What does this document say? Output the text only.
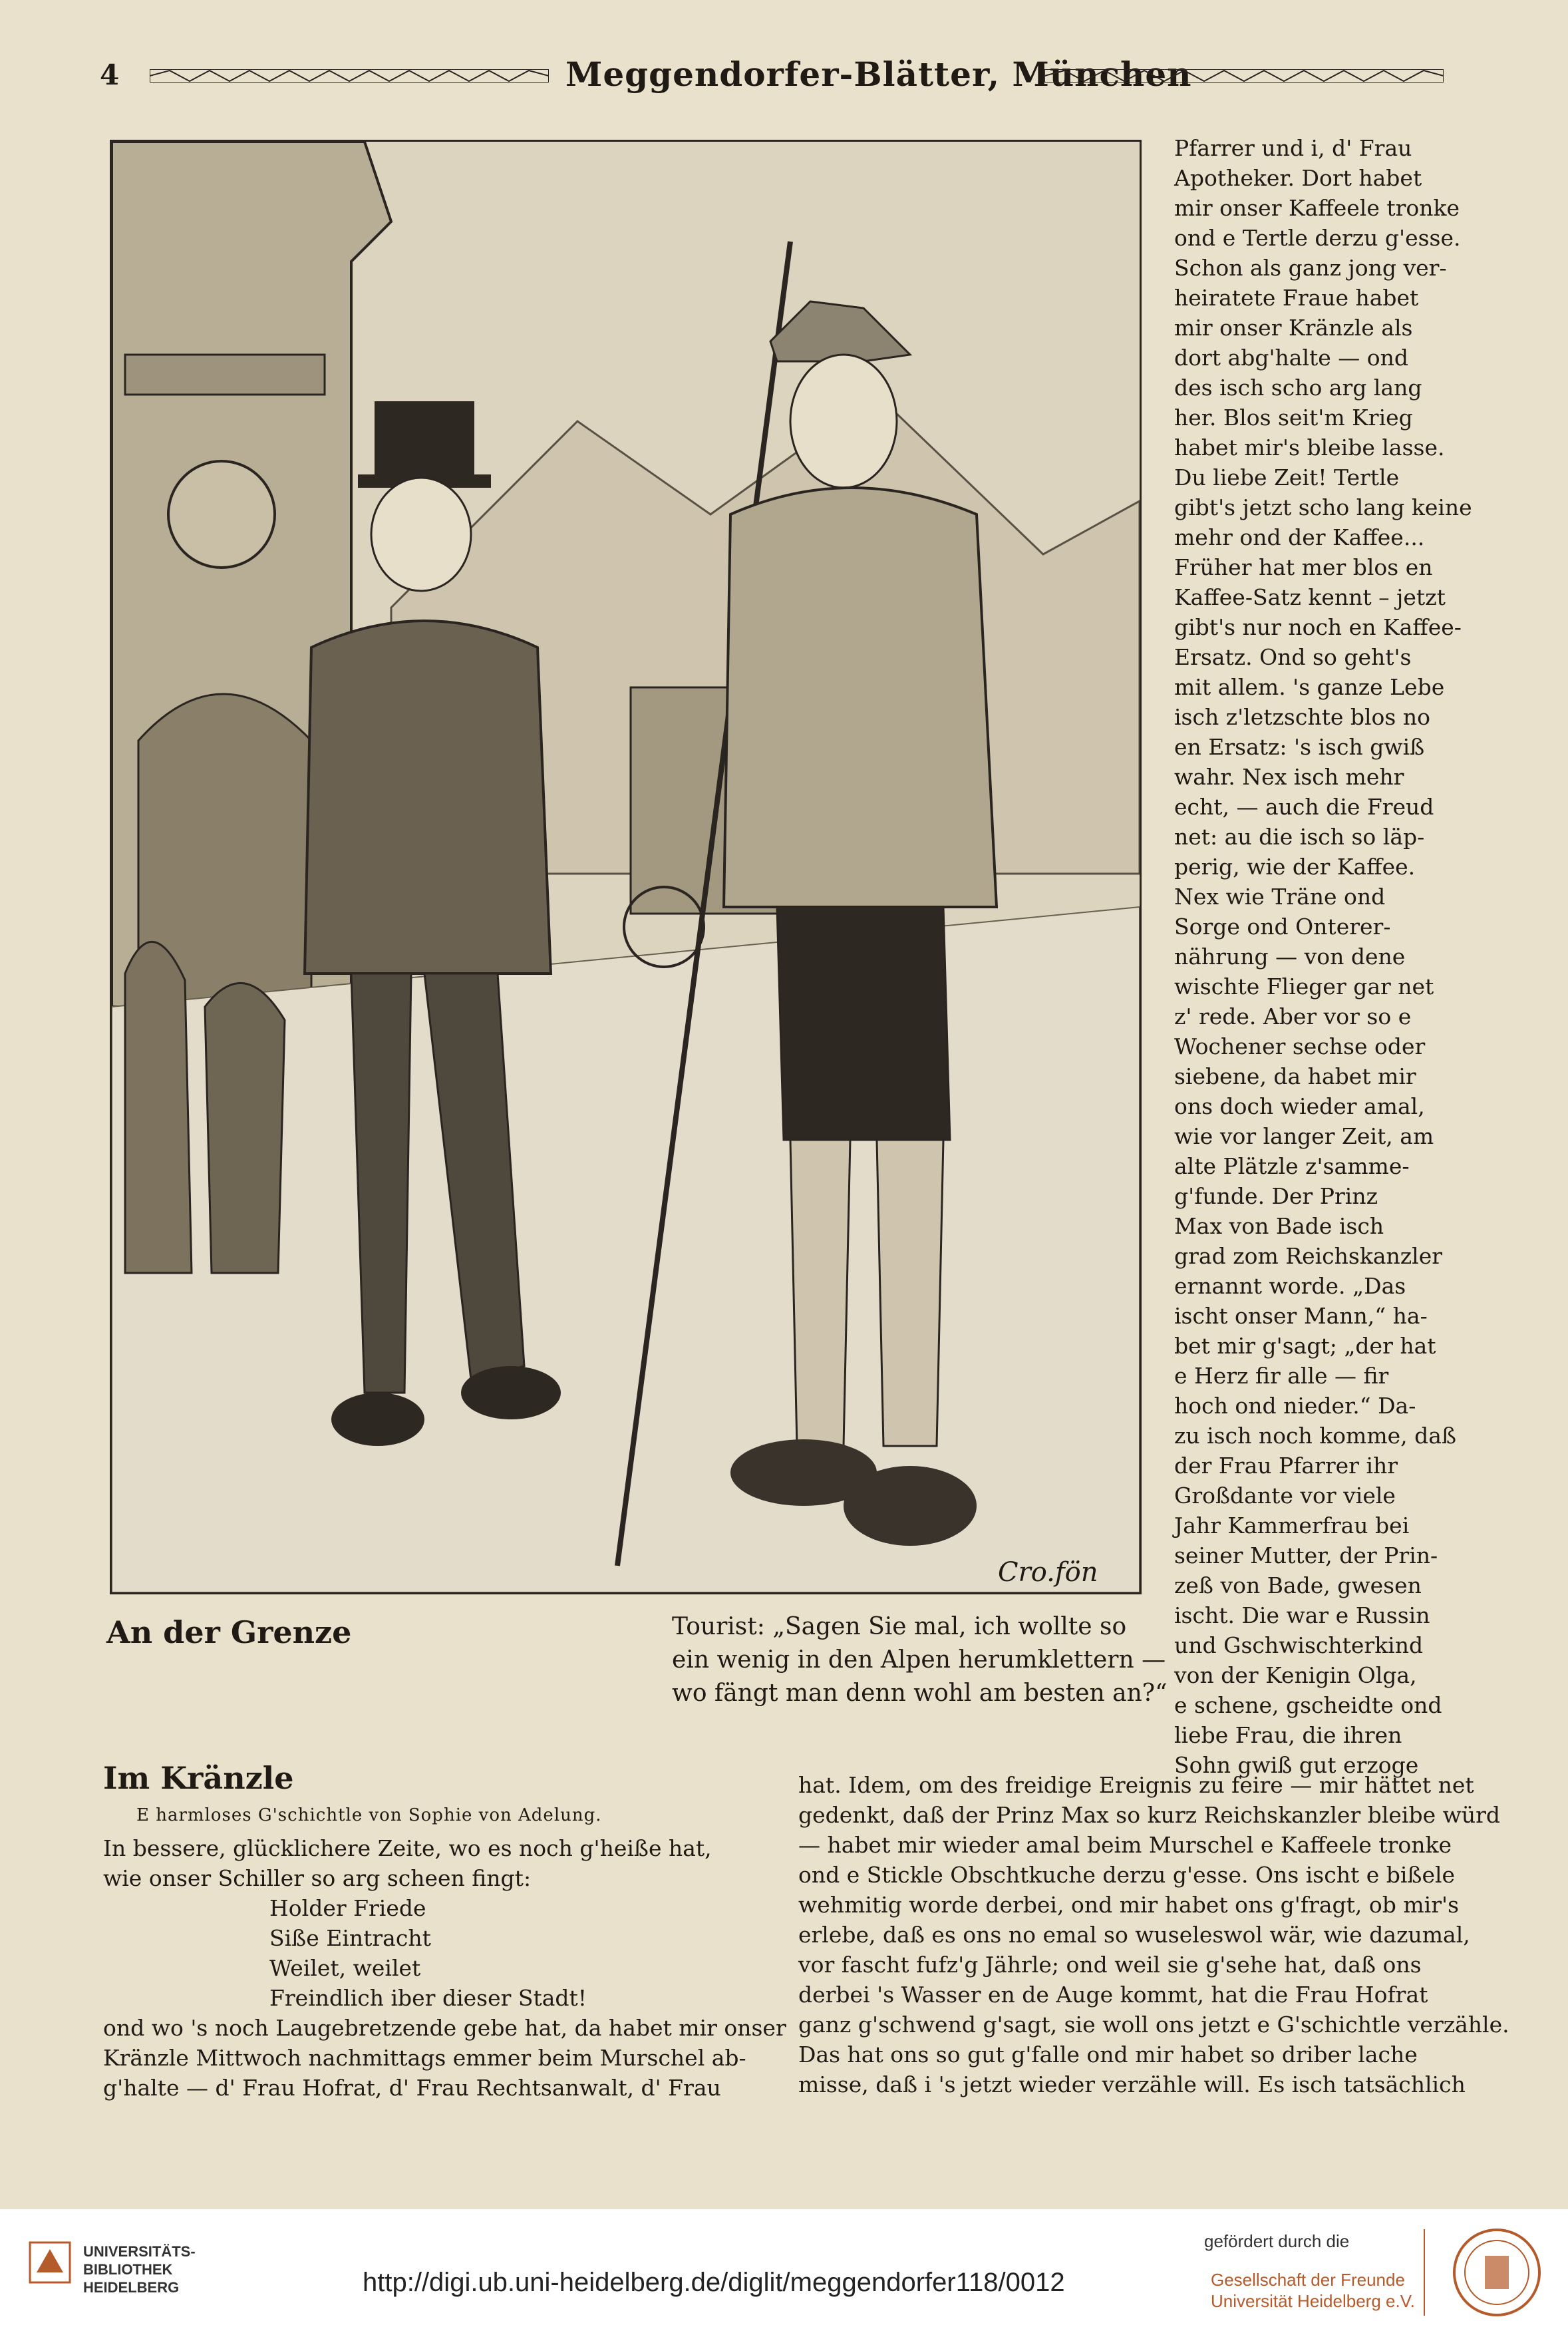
4	Meggendorfer-Blätter, München
Cro.fön
An der Grenze	Tourist: „Sagen Sie mal, ich wollte so
ein wenig in den Alpen herumklettern —
wo fängt man denn wohl am besten an?“
Pfarrer und i, d' Frau
Apotheker. Dort habet
mir onser Kaffeele tronke
ond e Tertle derzu g'esse.
Schon als ganz jong ver-
heiratete Fraue habet
mir onser Kränzle als
dort abg'halte — ond
des isch scho arg lang
her. Blos seit'm Krieg
habet mir's bleibe lasse.
Du liebe Zeit! Tertle
gibt's jetzt scho lang keine
mehr ond der Kaffee...
Früher hat mer blos en
Kaffee-Satz kennt – jetzt
gibt's nur noch en Kaffee-
Ersatz. Ond so geht's
mit allem. 's ganze Lebe
isch z'letzschte blos no
en Ersatz: 's isch gwiß
wahr. Nex isch mehr
echt, — auch die Freud
net: au die isch so läp-
perig, wie der Kaffee.
Nex wie Träne ond
Sorge ond Onterer-
nährung — von dene
wischte Flieger gar net
z' rede. Aber vor so e
Wochener sechse oder
siebene, da habet mir
ons doch wieder amal,
wie vor langer Zeit, am
alte Plätzle z'samme-
g'funde. Der Prinz
Max von Bade isch
grad zom Reichskanzler
ernannt worde. „Das
ischt onser Mann,“ ha-
bet mir g'sagt; „der hat
e Herz fir alle — fir
hoch ond nieder.“ Da-
zu isch noch komme, daß
der Frau Pfarrer ihr
Großdante vor viele
Jahr Kammerfrau bei
seiner Mutter, der Prin-
zeß von Bade, gwesen
ischt. Die war e Russin
und Gschwischterkind
von der Kenigin Olga,
e schene, gscheidte ond
liebe Frau, die ihren
Sohn gwiß gut erzoge
Im Kränzle
E harmloses G'schichtle von Sophie von Adelung.
In bessere, glücklichere Zeite, wo es noch g'heiße hat,
wie onser Schiller so arg scheen fingt:
Holder Friede
Siße Eintracht
Weilet, weilet
Freindlich iber dieser Stadt!
ond wo 's noch Laugebretzende gebe hat, da habet mir onser
Kränzle Mittwoch nachmittags emmer beim Murschel ab-
g'halte — d' Frau Hofrat, d' Frau Rechtsanwalt, d' Frau
hat. Idem, om des freidige Ereignis zu feire — mir hättet net
gedenkt, daß der Prinz Max so kurz Reichskanzler bleibe würd
— habet mir wieder amal beim Murschel e Kaffeele tronke
ond e Stickle Obschtkuche derzu g'esse. Ons ischt e bißele
wehmitig worde derbei, ond mir habet ons g'fragt, ob mir's
erlebe, daß es ons no emal so wuseleswol wär, wie dazumal,
vor fascht fufz'g Jährle; ond weil sie g'sehe hat, daß ons
derbei 's Wasser en de Auge kommt, hat die Frau Hofrat
ganz g'schwend g'sagt, sie woll ons jetzt e G'schichtle verzähle.
Das hat ons so gut g'falle ond mir habet so driber lache
misse, daß i 's jetzt wieder verzähle will. Es isch tatsächlich
UNIVERSITÄTS-
BIBLIOTHEK
HEIDELBERG	http://digi.ub.uni-heidelberg.de/diglit/meggendorfer118/0012
gefördert durch die
Gesellschaft der Freunde
Universität Heidelberg e.V.
